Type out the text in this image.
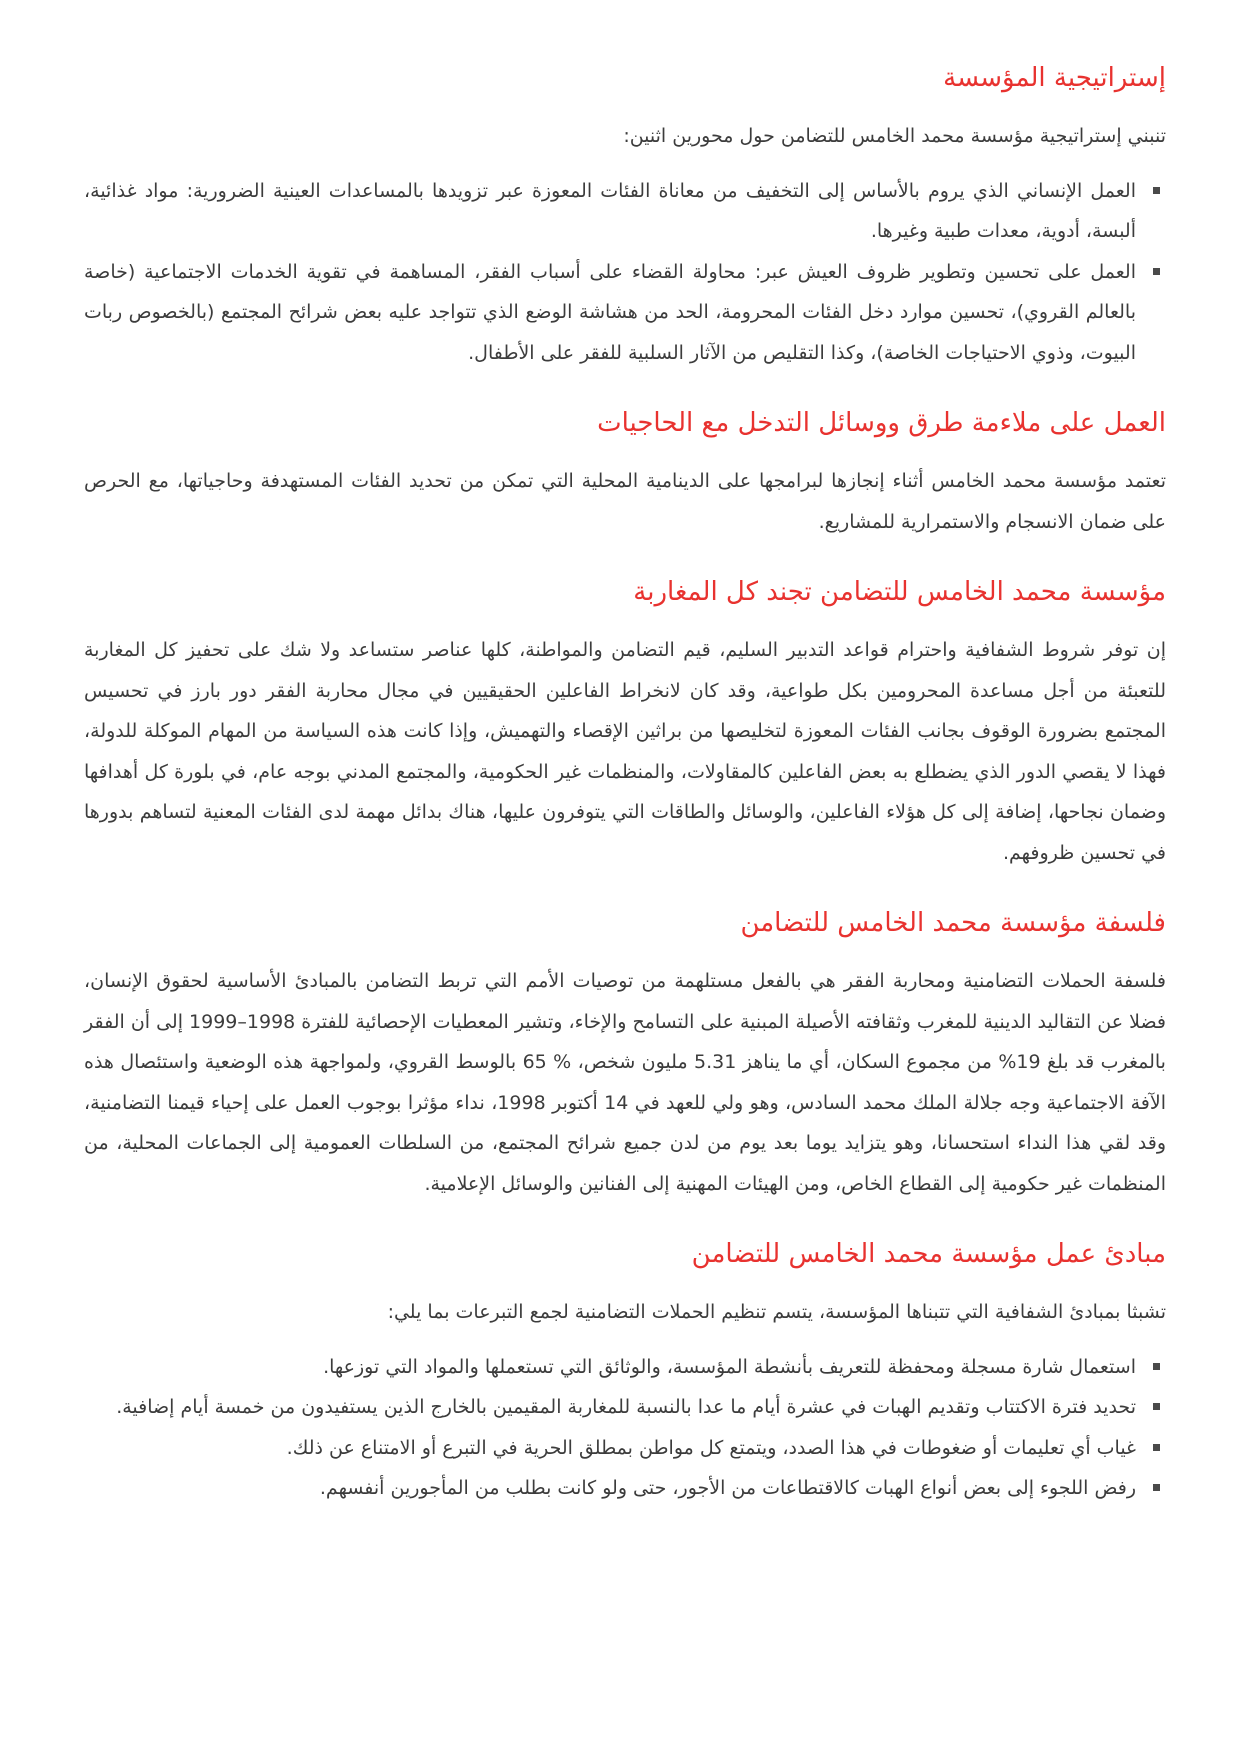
إستراتيجية المؤسسة

تنبني إستراتيجية مؤسسة محمد الخامس للتضامن حول محورين اثنين:

العمل الإنساني الذي يروم بالأساس إلى التخفيف من معاناة الفئات المعوزة عبر تزويدها بالمساعدات العينية الضرورية: مواد غذائية، ألبسة، أدوية، معدات طبية وغيرها.
العمل على تحسين وتطوير ظروف العيش عبر: محاولة القضاء على أسباب الفقر، المساهمة في تقوية الخدمات الاجتماعية (خاصة بالعالم القروي)، تحسين موارد دخل الفئات المحرومة، الحد من هشاشة الوضع الذي تتواجد عليه بعض شرائح المجتمع (بالخصوص ربات البيوت، وذوي الاحتياجات الخاصة)، وكذا التقليص من الآثار السلبية للفقر على الأطفال.
العمل على ملاءمة طرق ووسائل التدخل مع الحاجيات

تعتمد مؤسسة محمد الخامس أثناء إنجازها لبرامجها على الدينامية المحلية التي تمكن من تحديد الفئات المستهدفة وحاجياتها، مع الحرص على ضمان الانسجام والاستمرارية للمشاريع.

مؤسسة محمد الخامس للتضامن تجند كل المغاربة

إن توفر شروط الشفافية واحترام قواعد التدبير السليم، قيم التضامن والمواطنة، كلها عناصر ستساعد ولا شك على تحفيز كل المغاربة للتعبئة من أجل مساعدة المحرومين بكل طواعية، وقد كان لانخراط الفاعلين الحقيقيين في مجال محاربة الفقر دور بارز في تحسيس المجتمع بضرورة الوقوف بجانب الفئات المعوزة لتخليصها من براثين الإقصاء والتهميش، وإذا كانت هذه السياسة من المهام الموكلة للدولة، فهذا لا يقصي الدور الذي يضطلع به بعض الفاعلين كالمقاولات، والمنظمات غير الحكومية، والمجتمع المدني بوجه عام، في بلورة كل أهدافها وضمان نجاحها، إضافة إلى كل هؤلاء الفاعلين، والوسائل والطاقات التي يتوفرون عليها، هناك بدائل مهمة لدى الفئات المعنية لتساهم بدورها في تحسين ظروفهم.

فلسفة مؤسسة محمد الخامس للتضامن

فلسفة الحملات التضامنية ومحاربة الفقر هي بالفعل مستلهمة من توصيات الأمم التي تربط التضامن بالمبادئ الأساسية لحقوق الإنسان، فضلا عن التقاليد الدينية للمغرب وثقافته الأصيلة المبنية على التسامح والإخاء، وتشير المعطيات الإحصائية للفترة 1998–1999 إلى أن الفقر بالمغرب قد بلغ 19% من مجموع السكان، أي ما يناهز 5.31 مليون شخص، % 65 بالوسط القروي، ولمواجهة هذه الوضعية واستئصال هذه الآفة الاجتماعية وجه جلالة الملك محمد السادس، وهو ولي للعهد في 14 أكتوبر 1998، نداء مؤثرا بوجوب العمل على إحياء قيمنا التضامنية، وقد لقي هذا النداء استحسانا، وهو يتزايد يوما بعد يوم من لدن جميع شرائح المجتمع، من السلطات العمومية إلى الجماعات المحلية، من المنظمات غير حكومية إلى القطاع الخاص، ومن الهيئات المهنية إلى الفنانين والوسائل الإعلامية.

مبادئ عمل مؤسسة محمد الخامس للتضامن

تشبثا بمبادئ الشفافية التي تتبناها المؤسسة، يتسم تنظيم الحملات التضامنية لجمع التبرعات بما يلي:

استعمال شارة مسجلة ومحفظة للتعريف بأنشطة المؤسسة، والوثائق التي تستعملها والمواد التي توزعها.
تحديد فترة الاكتتاب وتقديم الهبات في عشرة أيام ما عدا بالنسبة للمغاربة المقيمين بالخارج الذين يستفيدون من خمسة أيام إضافية.
غياب أي تعليمات أو ضغوطات في هذا الصدد، ويتمتع كل مواطن بمطلق الحرية في التبرع أو الامتناع عن ذلك.
رفض اللجوء إلى بعض أنواع الهبات كالاقتطاعات من الأجور، حتى ولو كانت بطلب من المأجورين أنفسهم.
